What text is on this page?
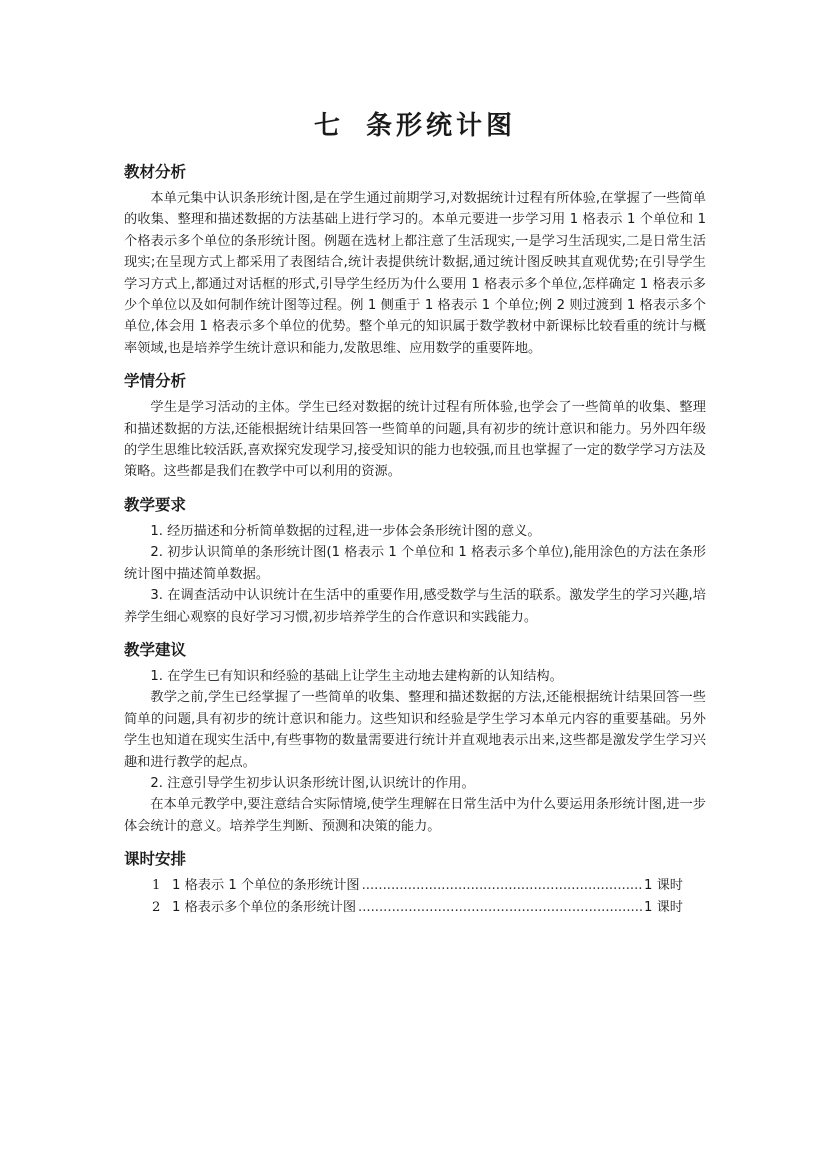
七 条形统计图
教材分析

本单元集中认识条形统计图,是在学生通过前期学习,对数据统计过程有所体验,在掌握了一些简单的收集、整理和描述数据的方法基础上进行学习的。本单元要进一步学习用 1 格表示 1 个单位和 1 个格表示多个单位的条形统计图。例题在选材上都注意了生活现实,一是学习生活现实,二是日常生活现实;在呈现方式上都采用了表图结合,统计表提供统计数据,通过统计图反映其直观优势;在引导学生学习方式上,都通过对话框的形式,引导学生经历为什么要用 1 格表示多个单位,怎样确定 1 格表示多少个单位以及如何制作统计图等过程。例 1 侧重于 1 格表示 1 个单位;例 2 则过渡到 1 格表示多个单位,体会用 1 格表示多个单位的优势。整个单元的知识属于数学教材中新课标比较看重的统计与概率领域,也是培养学生统计意识和能力,发散思维、应用数学的重要阵地。

学情分析

学生是学习活动的主体。学生已经对数据的统计过程有所体验,也学会了一些简单的收集、整理和描述数据的方法,还能根据统计结果回答一些简单的问题,具有初步的统计意识和能力。另外四年级的学生思维比较活跃,喜欢探究发现学习,接受知识的能力也较强,而且也掌握了一定的数学学习方法及策略。这些都是我们在教学中可以利用的资源。

教学要求

1. 经历描述和分析简单数据的过程,进一步体会条形统计图的意义。

2. 初步认识简单的条形统计图(1 格表示 1 个单位和 1 格表示多个单位),能用涂色的方法在条形统计图中描述简单数据。

3. 在调查活动中认识统计在生活中的重要作用,感受数学与生活的联系。激发学生的学习兴趣,培养学生细心观察的良好学习习惯,初步培养学生的合作意识和实践能力。

教学建议

1. 在学生已有知识和经验的基础上让学生主动地去建构新的认知结构。

教学之前,学生已经掌握了一些简单的收集、整理和描述数据的方法,还能根据统计结果回答一些简单的问题,具有初步的统计意识和能力。这些知识和经验是学生学习本单元内容的重要基础。另外学生也知道在现实生活中,有些事物的数量需要进行统计并直观地表示出来,这些都是激发学生学习兴趣和进行教学的起点。

2. 注意引导学生初步认识条形统计图,认识统计的作用。

在本单元教学中,要注意结合实际情境,使学生理解在日常生活中为什么要运用条形统计图,进一步体会统计的意义。培养学生判断、预测和决策的能力。

课时安排
1 1 格表示 1 个单位的条形统计图 .....	1 课时
2 1 格表示多个单位的条形统计图 .....	1 课时
